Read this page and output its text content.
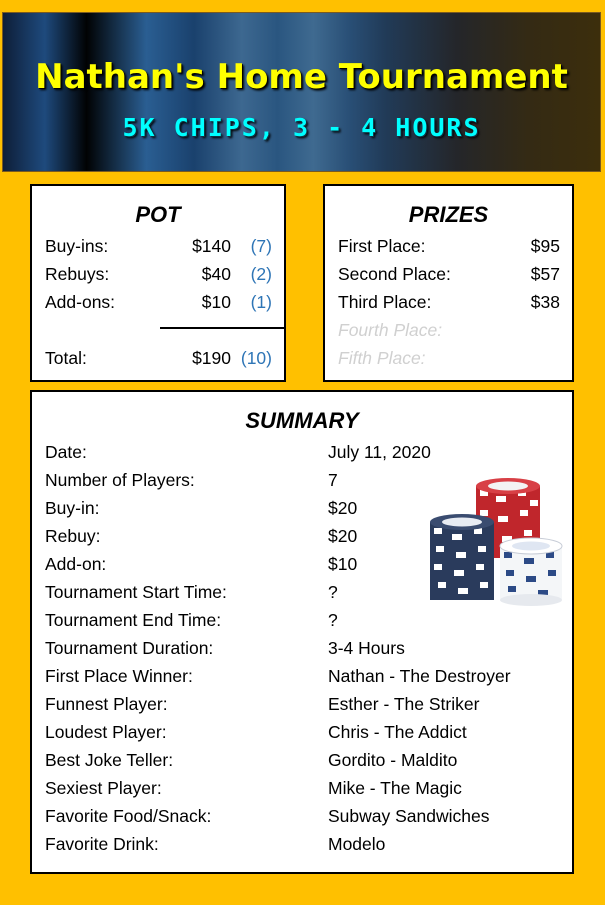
Nathan's Home Tournament
5K CHIPS, 3 - 4 HOURS
POT
Buy-ins:	$140	(7)
Rebuys:	$40	(2)
Add-ons:	$10	(1)
Total:	$190 (10)
PRIZES
First Place:	$95
Second Place:	$57
Third Place:	$38
Fourth Place:
Fifth Place:
SUMMARY
Date:	July 11, 2020
Number of Players:	7
Buy-in:	$20
Rebuy:	$20
Add-on:	$10
Tournament Start Time:	?
Tournament End Time:	?
Tournament Duration:	3-4 Hours
First Place Winner:	Nathan - The Destroyer
Funnest Player:	Esther - The Striker
Loudest Player:	Chris - The Addict
Best Joke Teller:	Gordito - Maldito
Sexiest Player:	Mike - The Magic
Favorite Food/Snack:	Subway Sandwiches
Favorite Drink:	Modelo
